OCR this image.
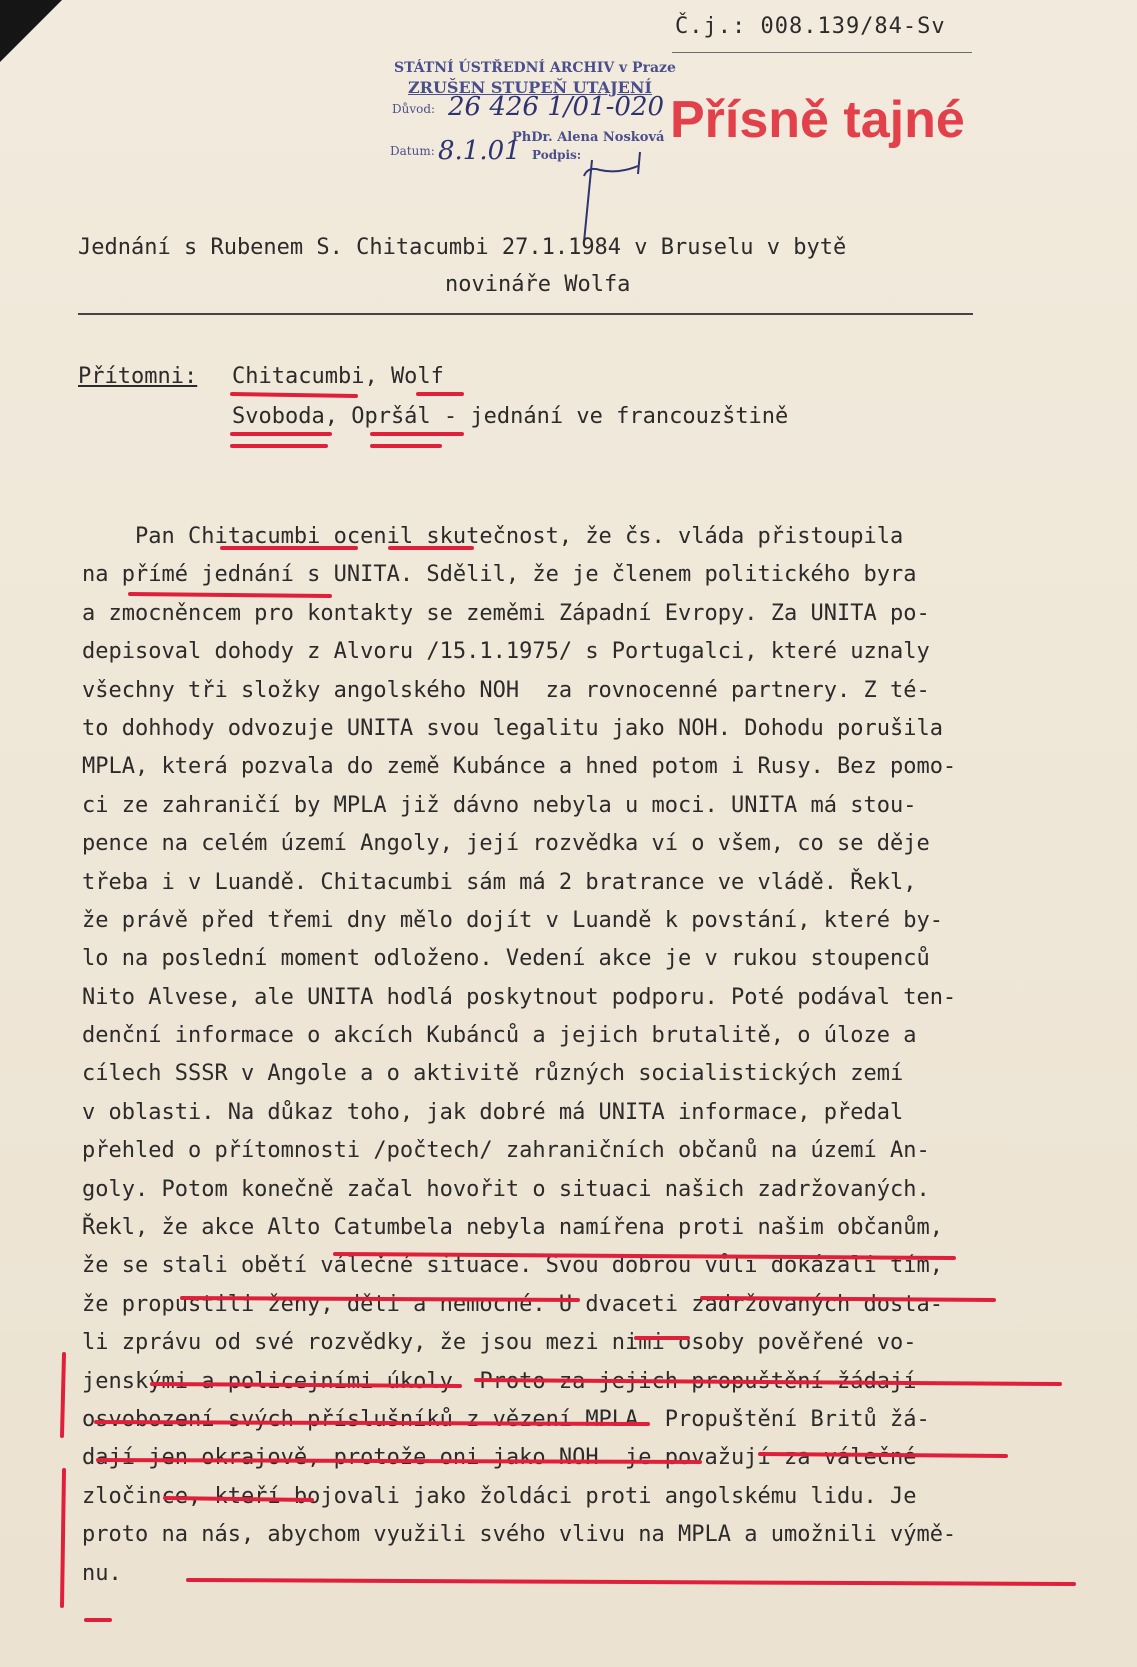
Č.j.: 008.139/84-Sv
STÁTNÍ ÚSTŘEDNÍ ARCHIV v Praze
ZRUŠEN STUPEŇ UTAJENÍ
Důvod: 26 426 1/01-020
PhDr. Alena Nosková
Datum: 8.1.01 Podpis:
Přísně tajné
Jednání s Rubenem S. Chitacumbi 27.1.1984 v Bruselu v bytě
novináře Wolfa
Přítomni: Chitacumbi, Wolf
Svoboda, Opršál - jednání ve francouzštině
Pan Chitacumbi ocenil skutečnost, že čs. vláda přistoupila
na přímé jednání s UNITA. Sdělil, že je členem politického byra
a zmocněncem pro kontakty se zeměmi Západní Evropy. Za UNITA po-
depisoval dohody z Alvoru /15.1.1975/ s Portugalci, které uznaly
všechny tři složky angolského NOH  za rovnocenné partnery. Z té-
to dohhody odvozuje UNITA svou legalitu jako NOH. Dohodu porušila
MPLA, která pozvala do země Kubánce a hned potom i Rusy. Bez pomo-
ci ze zahraničí by MPLA již dávno nebyla u moci. UNITA má stou-
pence na celém území Angoly, její rozvědka ví o všem, co se děje
třeba i v Luandě. Chitacumbi sám má 2 bratrance ve vládě. Řekl,
že právě před třemi dny mělo dojít v Luandě k povstání, které by-
lo na poslední moment odloženo. Vedení akce je v rukou stoupenců
Nito Alvese, ale UNITA hodlá poskytnout podporu. Poté podával ten-
denční informace o akcích Kubánců a jejich brutalitě, o úloze a
cílech SSSR v Angole a o aktivitě různých socialistických zemí
v oblasti. Na důkaz toho, jak dobré má UNITA informace, předal
přehled o přítomnosti /počtech/ zahraničních občanů na území An-
goly. Potom konečně začal hovořit o situaci našich zadržovaných.
Řekl, že akce Alto Catumbela nebyla namířena proti našim občanům,
že se stali obětí válečné situace. Svou dobrou vůli dokázali tím,
že propustili ženy, děti a nemocné. U dvaceti zadržovaných dosta-
li zprávu od své rozvědky, že jsou mezi nimi osoby pověřené vo-
jenskými a policejními úkoly. Proto za jejich propuštění žádají
osvobození svých příslušníků z vězení MPLA. Propuštění Britů žá-
dají jen okrajově, protože oni jako NOH  je považují za válečné
zločince, kteří bojovali jako žoldáci proti angolskému lidu. Je
proto na nás, abychom využili svého vlivu na MPLA a umožnili výmě-
nu.
